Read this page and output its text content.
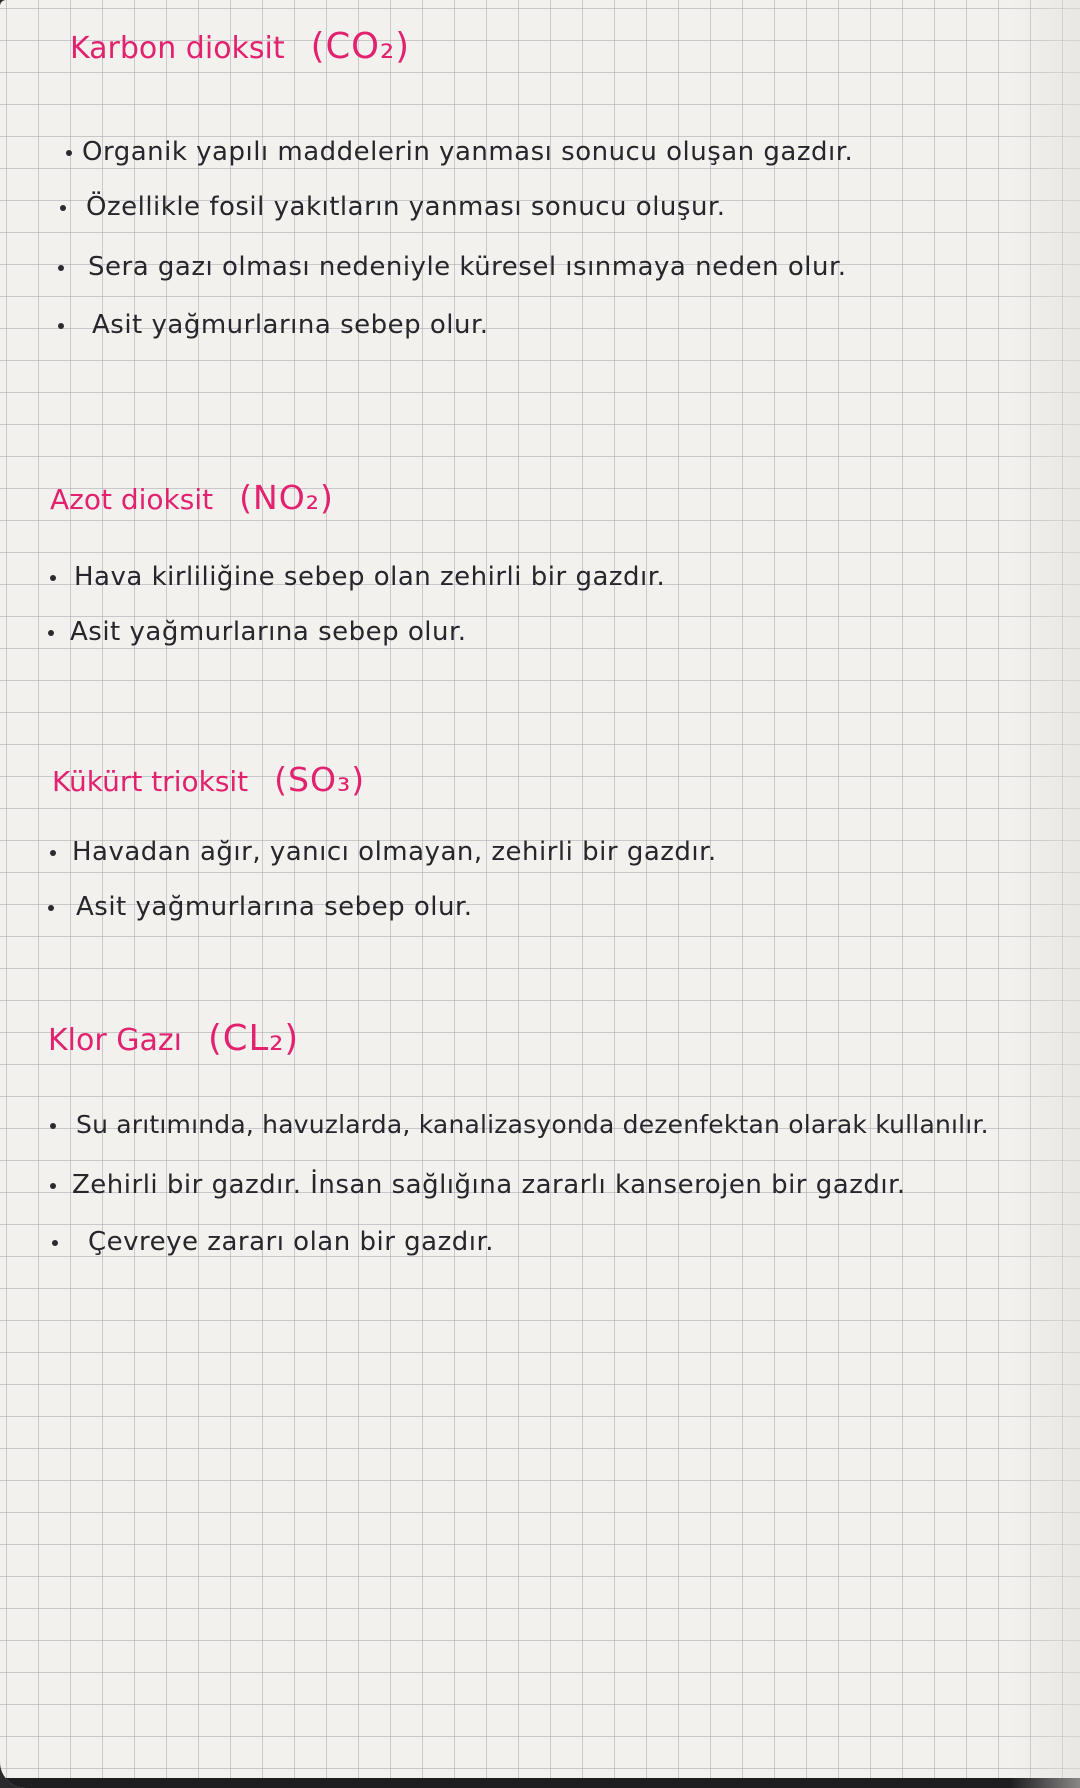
Karbon dioksit (CO₂)
Organik yapılı maddelerin yanması sonucu oluşan gazdır.
Özellikle fosil yakıtların yanması sonucu oluşur.
Sera gazı olması nedeniyle küresel ısınmaya neden olur.
Asit yağmurlarına sebep olur.
Azot dioksit (NO₂)
Hava kirliliğine sebep olan zehirli bir gazdır.
Asit yağmurlarına sebep olur.
Kükürt trioksit (SO₃)
Havadan ağır, yanıcı olmayan, zehirli bir gazdır.
Asit yağmurlarına sebep olur.
Klor Gazı (CL₂)
Su arıtımında, havuzlarda, kanalizasyonda dezenfektan olarak kullanılır.
Zehirli bir gazdır. İnsan sağlığına zararlı kanserojen bir gazdır.
Çevreye zararı olan bir gazdır.
